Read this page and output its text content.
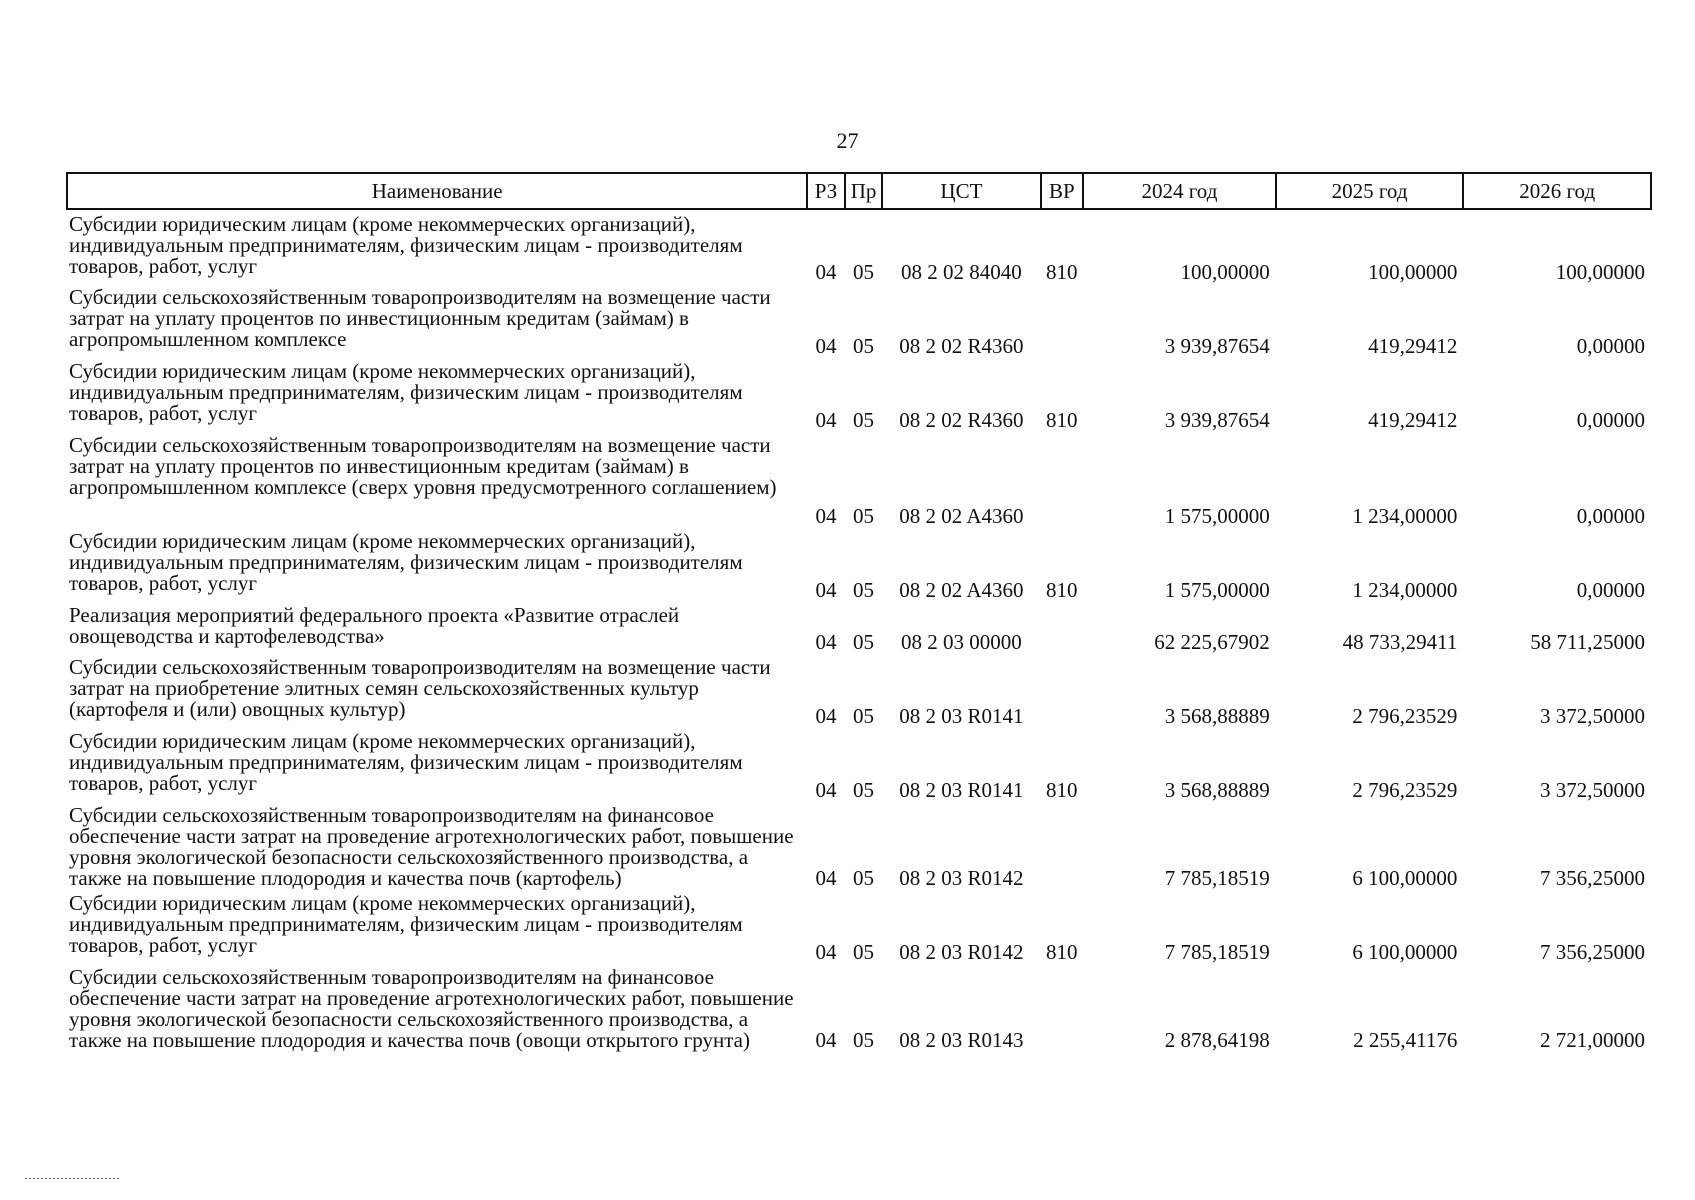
27
Наименование	РЗ	Пр	ЦСТ	ВР	2024 год	2025 год	2026 год
Субсидии юридическим лицам (кроме некоммерческих организаций), индивидуальным предпринимателям, физическим лицам - производителям товаров, работ, услуг	04	05	08 2 02 84040	810	100,00000	100,00000	100,00000
Субсидии сельскохозяйственным товаропроизводителям на возмещение части затрат на уплату процентов по инвестиционным кредитам (займам) в агропромышленном комплексе	04	05	08 2 02 R4360		3 939,87654	419,29412	0,00000
Субсидии юридическим лицам (кроме некоммерческих организаций), индивидуальным предпринимателям, физическим лицам - производителям товаров, работ, услуг	04	05	08 2 02 R4360	810	3 939,87654	419,29412	0,00000
Субсидии сельскохозяйственным товаропроизводителям на возмещение части затрат на уплату процентов по инвестиционным кредитам (займам) в агропромышленном комплексе (сверх уровня предусмотренного соглашением)	04	05	08 2 02 A4360		1 575,00000	1 234,00000	0,00000
Субсидии юридическим лицам (кроме некоммерческих организаций), индивидуальным предпринимателям, физическим лицам - производителям товаров, работ, услуг	04	05	08 2 02 A4360	810	1 575,00000	1 234,00000	0,00000
Реализация мероприятий федерального проекта «Развитие отраслей овощеводства и картофелеводства»	04	05	08 2 03 00000		62 225,67902	48 733,29411	58 711,25000
Субсидии сельскохозяйственным товаропроизводителям на возмещение части затрат на приобретение элитных семян сельскохозяйственных культур (картофеля и (или) овощных культур)	04	05	08 2 03 R0141		3 568,88889	2 796,23529	3 372,50000
Субсидии юридическим лицам (кроме некоммерческих организаций), индивидуальным предпринимателям, физическим лицам - производителям товаров, работ, услуг	04	05	08 2 03 R0141	810	3 568,88889	2 796,23529	3 372,50000
Субсидии сельскохозяйственным товаропроизводителям на финансовое обеспечение части затрат на проведение агротехнологических работ, повышение уровня экологической безопасности сельскохозяйственного производства, а также на повышение плодородия и качества почв (картофель)	04	05	08 2 03 R0142		7 785,18519	6 100,00000	7 356,25000
Субсидии юридическим лицам (кроме некоммерческих организаций), индивидуальным предпринимателям, физическим лицам - производителям товаров, работ, услуг	04	05	08 2 03 R0142	810	7 785,18519	6 100,00000	7 356,25000
Субсидии сельскохозяйственным товаропроизводителям на финансовое обеспечение части затрат на проведение агротехнологических работ, повышение уровня экологической безопасности сельскохозяйственного производства, а также на повышение плодородия и качества почв (овощи открытого грунта)	04	05	08 2 03 R0143		2 878,64198	2 255,41176	2 721,00000
